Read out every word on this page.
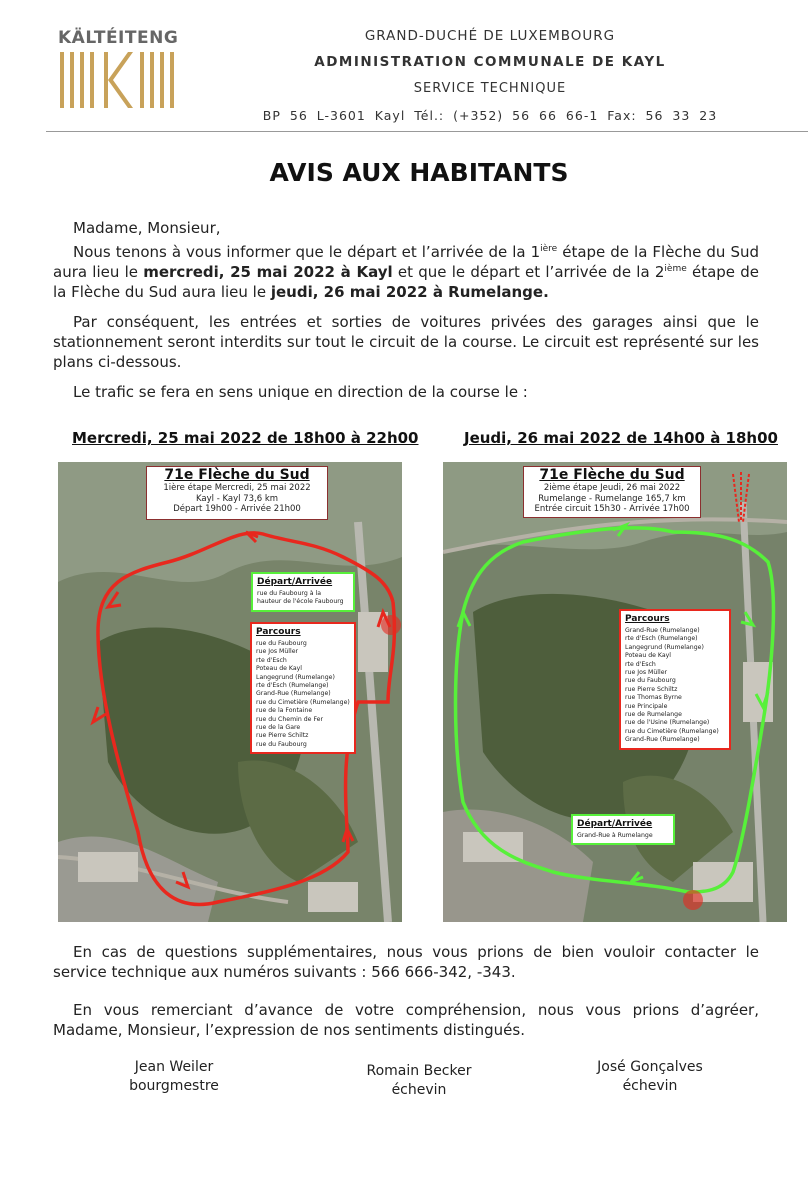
KÄLTÉITENG	GRAND-DUCHÉ DE LUXEMBOURG
ADMINISTRATION COMMUNALE DE KAYL
SERVICE TECHNIQUE
BP 56 L-3601 Kayl Tél.: (+352) 56 66 66-1 Fax: 56 33 23
AVIS AUX HABITANTS
Madame, Monsieur,
Nous tenons à vous informer que le départ et l’arrivée de la $1^{ière}$ étape de la Flèche du Sud aura lieu le mercredi, 25 mai 2022 à Kayl et que le départ et l’arrivée de la 2ième étape de la Flèche du Sud aura lieu le jeudi, 26 mai 2022 à Rumelange.
Par conséquent, les entrées et sorties de voitures privées des garages ainsi que le stationnement seront interdits sur tout le circuit de la course. Le circuit est représenté sur les plans ci-dessous.
Le trafic se fera en sens unique en direction de la course le :
Mercredi, 25 mai 2022 de 18h00 à 22h00	Jeudi, 26 mai 2022 de 14h00 à 18h00
71e Flèche du Sud
1ière étape Mercredi, 25 mai 2022
Kayl - Kayl 73,6 km
Départ 19h00 - Arrivée 21h00
Départ/Arrivée
rue du Faubourg à la
hauteur de l'école Faubourg
Parcours
rue du Faubourg
rue Jos Müller
rte d'Esch
Poteau de Kayl
Langegrund (Rumelange)
rte d'Esch (Rumelange)
Grand-Rue (Rumelange)
rue du Cimetière (Rumelange)
rue de la Fontaine
rue du Chemin de Fer
rue de la Gare
rue Pierre Schiltz
rue du Faubourg
71e Flèche du Sud
2ième étape Jeudi, 26 mai 2022
Rumelange - Rumelange 165,7 km
Entrée circuit 15h30 - Arrivée 17h00
Parcours
Grand-Rue (Rumelange)
rte d'Esch (Rumelange)
Langegrund (Rumelange)
Poteau de Kayl
rte d'Esch
rue Jos Müller
rue du Faubourg
rue Pierre Schiltz
rue Thomas Byrne
rue Principale
rue de Rumelange
rue de l'Usine (Rumelange)
rue du Cimetière (Rumelange)
Grand-Rue (Rumelange)
Départ/Arrivée
Grand-Rue à Rumelange
En cas de questions supplémentaires, nous vous prions de bien vouloir contacter le service technique aux numéros suivants : 566 666-342, -343.
En vous remerciant d’avance de votre compréhension, nous vous prions d’agréer, Madame, Monsieur, l’expression de nos sentiments distingués.
Jean Weiler
bourgmestre
Romain Becker
échevin
José Gonçalves
échevin
